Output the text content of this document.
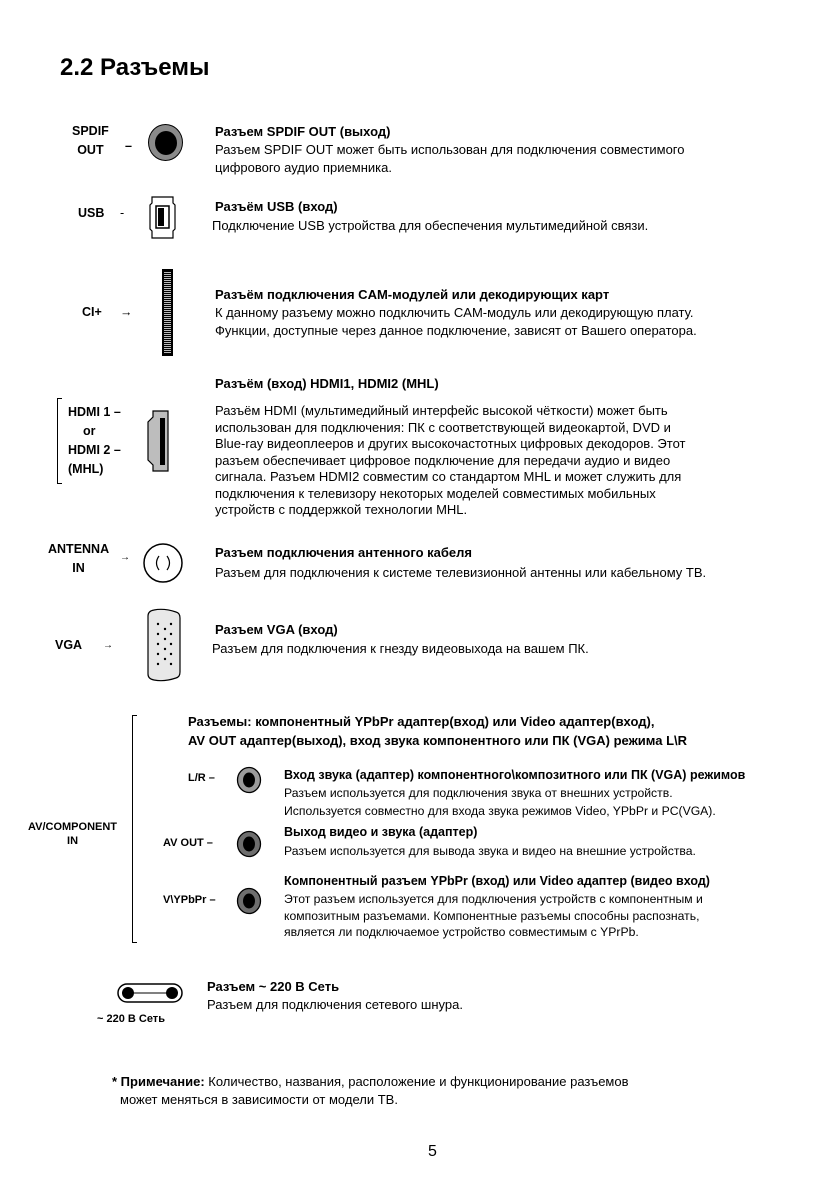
2.2 Разъемы
SPDIF
OUT	–
Разъем SPDIF OUT (выход)
Разъем SPDIF OUT может быть использован для подключения совместимого
цифрового аудио приемника.
USB -	Разъём USB (вход)
Подключение USB устройства для обеспечения мультимедийной связи.
CI+ →
Разъём подключения CAM-модулей или декодирующих карт
К данному разъему можно подключить CAM-модуль или декодирующую плату.
Функции, доступные через данное подключение, зависят от Вашего оператора.
Разъём (вход) HDMI1, HDMI2 (MHL)
HDMI 1 –
or
HDMI 2 –
(MHL)
Разъём HDMI (мультимедийный интерфейс высокой чёткости) может быть
использован для подключения: ПК с соответствующей видеокартой, DVD и
Blue-ray видеоплееров и других высокочастотных цифровых декодоров. Этот
разъем обеспечивает цифровое подключение для передачи аудио и видео
сигнала. Разъем HDMI2 совместим со стандартом MHL и может служить для
подключения к телевизору некоторых моделей совместимых мобильных
устройств с поддержкой технологии MHL.
ANTENNA
IN
→	Разъем подключения антенного кабеля
Разъем для подключения к системе телевизионной антенны или кабельному ТВ.
VGA →
Разъем VGA (вход)
Разъем для подключения к гнезду видеовыхода на вашем ПК.
AV/COMPONENT
IN
Разъемы: компонентный YPbPr адаптер(вход) или Video адаптер(вход),
AV OUT адаптер(выход), вход звука компонентного или ПК (VGA) режима L\R
L/R –	Вход звука (адаптер) компонентного\композитного или ПК (VGA) режимов
Разъем используется для подключения звука от внешних устройств.
Используется совместно для входа звука режимов Video, YPbPr и PC(VGA).
AV OUT –
Выход видео и звука (адаптер)
Разъем используется для вывода звука и видео на внешние устройства.
V\YPbPr –
Компонентный разъем YPbPr (вход) или Video адаптер (видео вход)
Этот разъем используется для подключения устройств с компонентным и
композитным разъемами. Компонентные разъемы способны распознать,
является ли подключаемое устройство совместимым с YPrPb.
~ 220 В Сеть
Разъем ~ 220 В Сеть
Разъем для подключения сетевого шнура.
* Примечание: Количество, названия, расположение и функционирование разъемов
может меняться в зависимости от модели ТВ.
5
